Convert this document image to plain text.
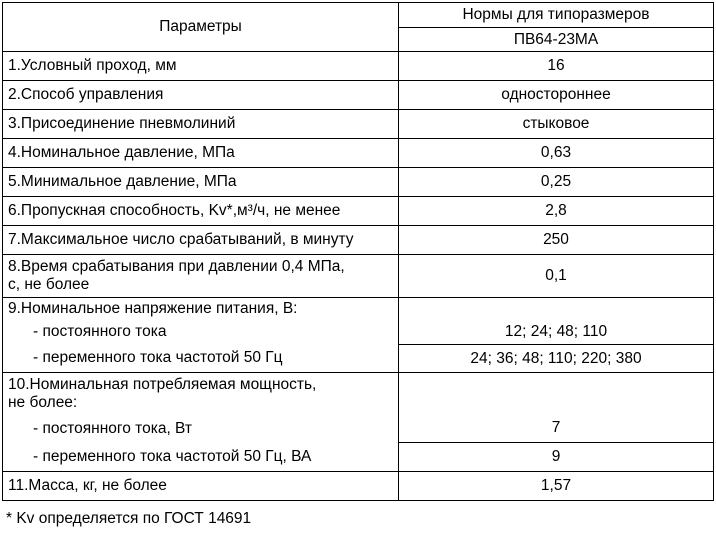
Параметры	Нормы для типоразмеров
	ПВ64-23МА
1.Условный проход, мм	16
2.Способ управления	одностороннее
3.Присоединение пневмолиний	стыковое
4.Номинальное давление, МПа	0,63
5.Минимальное давление, МПа	0,25
6.Пропускная способность, Kv*,м³/ч, не менее	2,8
7.Максимальное число срабатываний, в минуту	250

8.Время срабатывания при давлении 0,4 МПа,
с, не более	0,1
9.Номинальное напряжение питания, В:	
- постоянного тока	12; 24; 48; 110
- переменного тока частотой 50 Гц	24; 36; 48; 110; 220; 380

10.Номинальная потребляемая мощность,
не более:	

- постоянного тока, Вт	7
- переменного тока частотой 50 Гц, ВА	9
11.Масса, кг, не более	1,57
* Kv определяется по ГОСТ 14691
